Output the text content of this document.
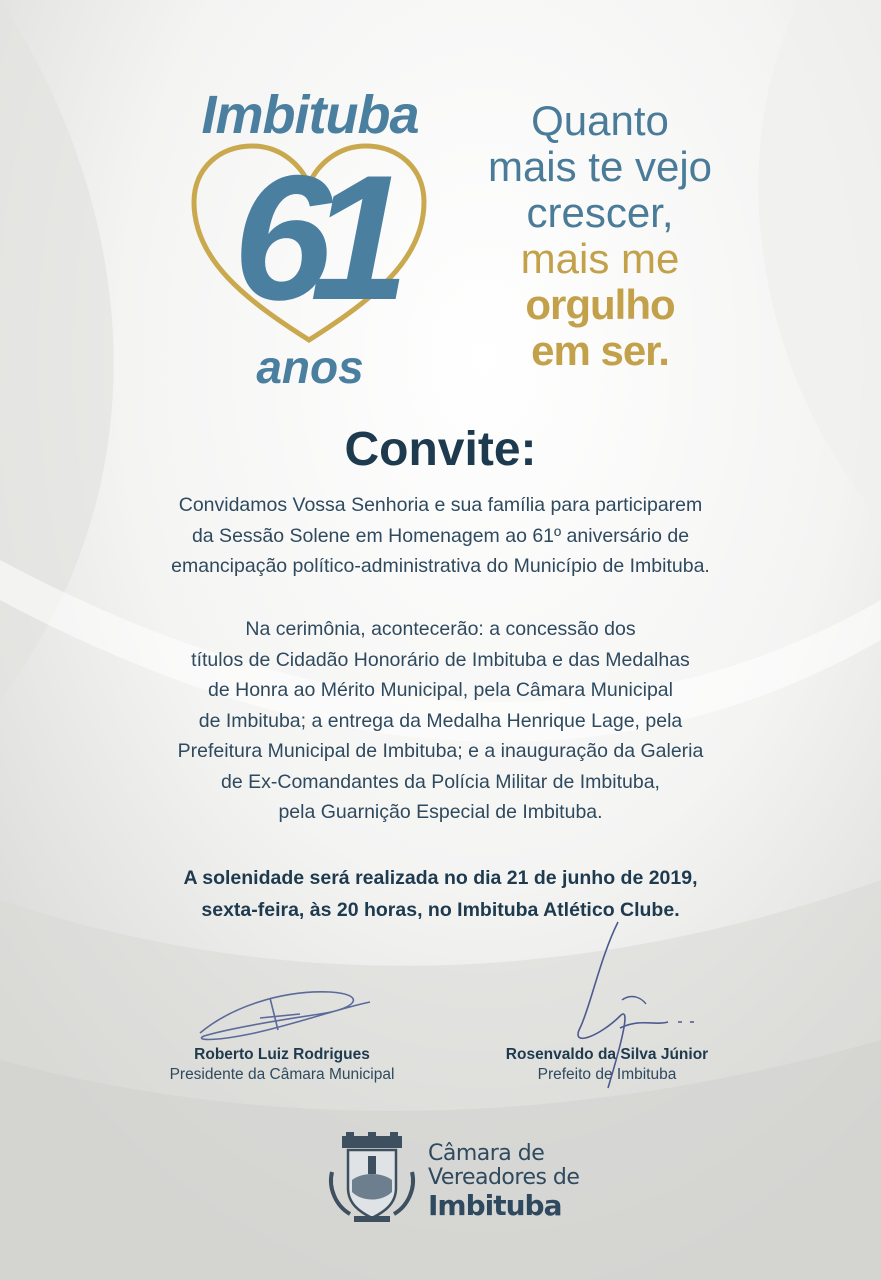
Imbituba
61
anos
Quanto
mais te vejo
crescer,
mais me
orgulho
em ser.
Convite:
Convidamos Vossa Senhoria e sua família para participarem
da Sessão Solene em Homenagem ao 61º aniversário de
emancipação político-administrativa do Município de Imbituba.
Na cerimônia, acontecerão: a concessão dos
títulos de Cidadão Honorário de Imbituba e das Medalhas
de Honra ao Mérito Municipal, pela Câmara Municipal
de Imbituba; a entrega da Medalha Henrique Lage, pela
Prefeitura Municipal de Imbituba; e a inauguração da Galeria
de Ex-Comandantes da Polícia Militar de Imbituba,
pela Guarnição Especial de Imbituba.
A solenidade será realizada no dia 21 de junho de 2019,
sexta-feira, às 20 horas, no Imbituba Atlético Clube.
Roberto Luiz Rodrigues
Presidente da Câmara Municipal
Rosenvaldo da Silva Júnior
Prefeito de Imbituba
Câmara de
Vereadores de
Imbituba
